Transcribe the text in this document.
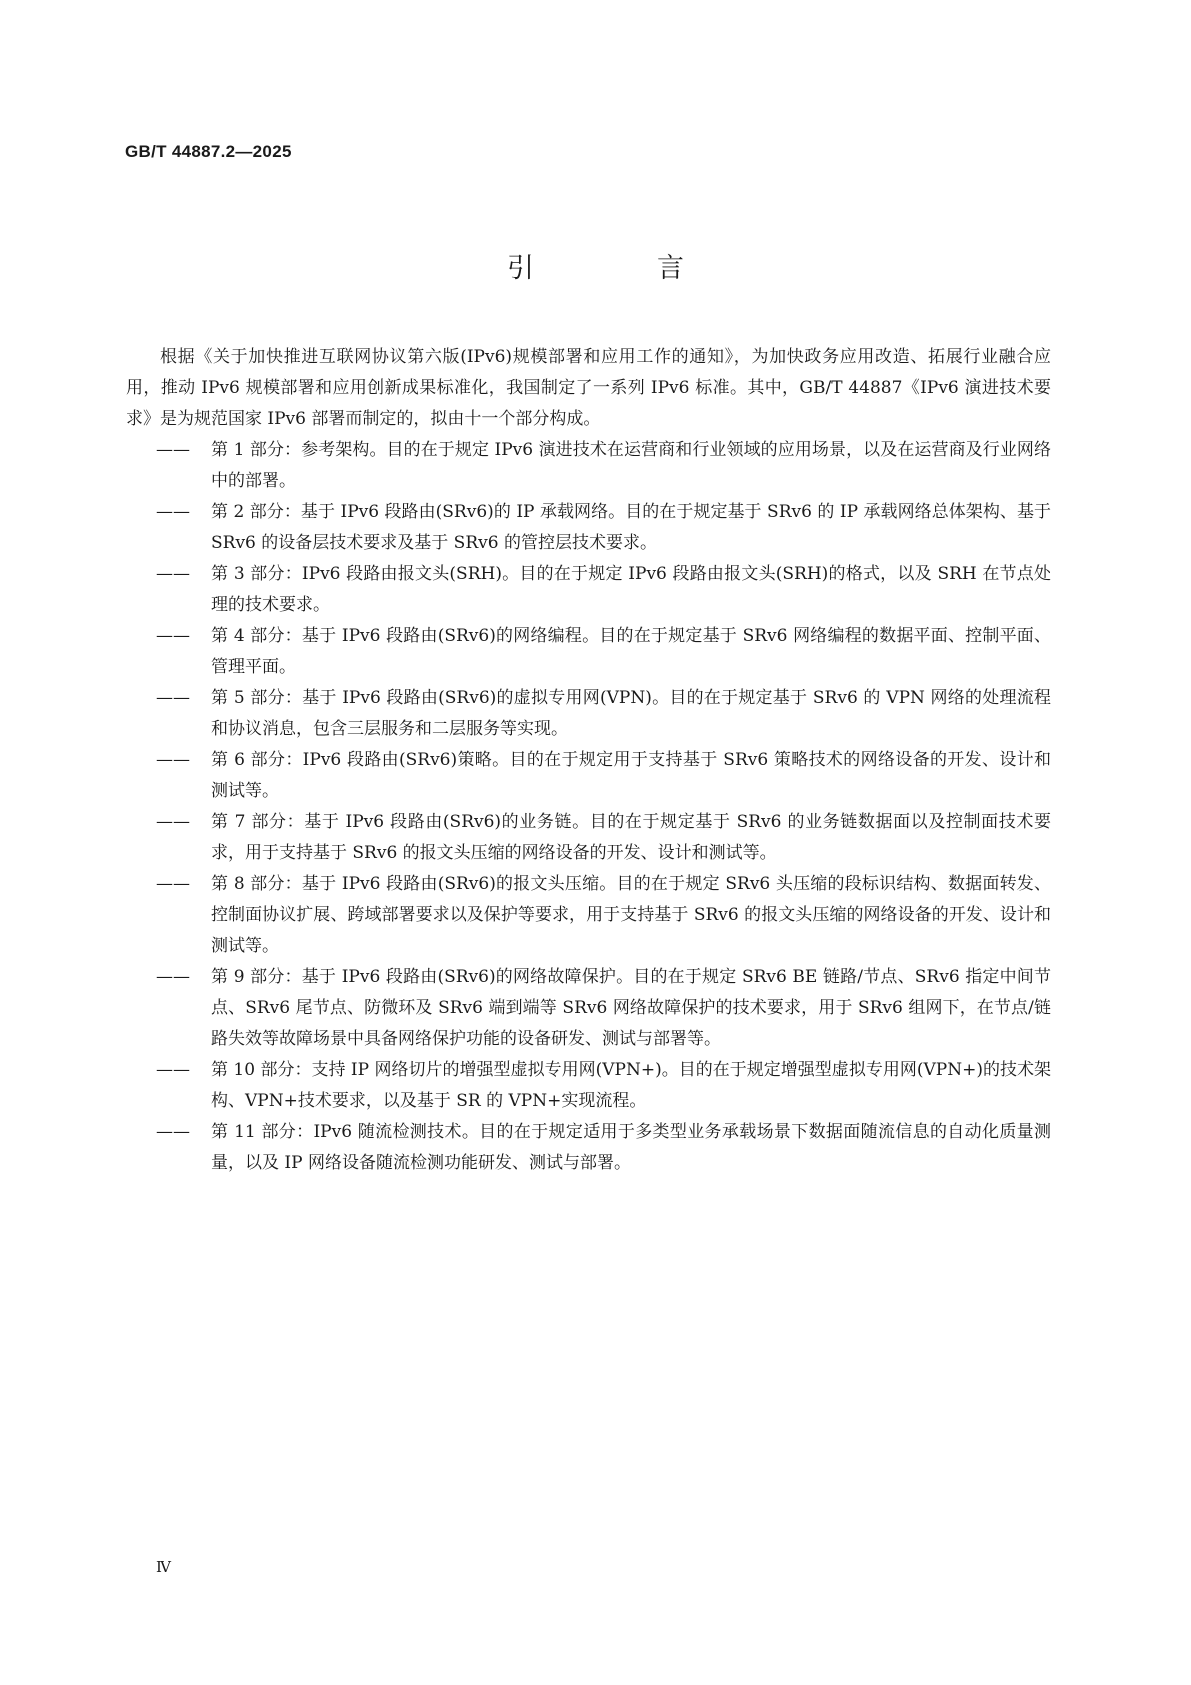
GB/T 44887.2—2025
引　言

根据《关于加快推进互联网协议第六版(IPv6)规模部署和应用工作的通知》，为加快政务应用改造、拓展行业融合应用，推动 IPv6 规模部署和应用创新成果标准化，我国制定了一系列 IPv6 标准。其中，GB/T 44887《IPv6 演进技术要求》是为规范国家 IPv6 部署而制定的，拟由十一个部分构成。

——	第 1 部分：参考架构。目的在于规定 IPv6 演进技术在运营商和行业领域的应用场景，以及在运营商及行业网络中的部署。
——	第 2 部分：基于 IPv6 段路由(SRv6)的 IP 承载网络。目的在于规定基于 SRv6 的 IP 承载网络总体架构、基于 SRv6 的设备层技术要求及基于 SRv6 的管控层技术要求。
——	第 3 部分：IPv6 段路由报文头(SRH)。目的在于规定 IPv6 段路由报文头(SRH)的格式，以及 SRH 在节点处理的技术要求。
——	第 4 部分：基于 IPv6 段路由(SRv6)的网络编程。目的在于规定基于 SRv6 网络编程的数据平面、控制平面、管理平面。
——	第 5 部分：基于 IPv6 段路由(SRv6)的虚拟专用网(VPN)。目的在于规定基于 SRv6 的 VPN 网络的处理流程和协议消息，包含三层服务和二层服务等实现。
——	第 6 部分：IPv6 段路由(SRv6)策略。目的在于规定用于支持基于 SRv6 策略技术的网络设备的开发、设计和测试等。
——	第 7 部分：基于 IPv6 段路由(SRv6)的业务链。目的在于规定基于 SRv6 的业务链数据面以及控制面技术要求，用于支持基于 SRv6 的报文头压缩的网络设备的开发、设计和测试等。
——	第 8 部分：基于 IPv6 段路由(SRv6)的报文头压缩。目的在于规定 SRv6 头压缩的段标识结构、数据面转发、控制面协议扩展、跨域部署要求以及保护等要求，用于支持基于 SRv6 的报文头压缩的网络设备的开发、设计和测试等。
——	第 9 部分：基于 IPv6 段路由(SRv6)的网络故障保护。目的在于规定 SRv6 BE 链路/节点、SRv6 指定中间节点、SRv6 尾节点、防微环及 SRv6 端到端等 SRv6 网络故障保护的技术要求，用于 SRv6 组网下，在节点/链路失效等故障场景中具备网络保护功能的设备研发、测试与部署等。
——	第 10 部分：支持 IP 网络切片的增强型虚拟专用网(VPN+)。目的在于规定增强型虚拟专用网(VPN+)的技术架构、VPN+技术要求，以及基于 SR 的 VPN+实现流程。
——	第 11 部分：IPv6 随流检测技术。目的在于规定适用于多类型业务承载场景下数据面随流信息的自动化质量测量，以及 IP 网络设备随流检测功能研发、测试与部署。
Ⅳ
